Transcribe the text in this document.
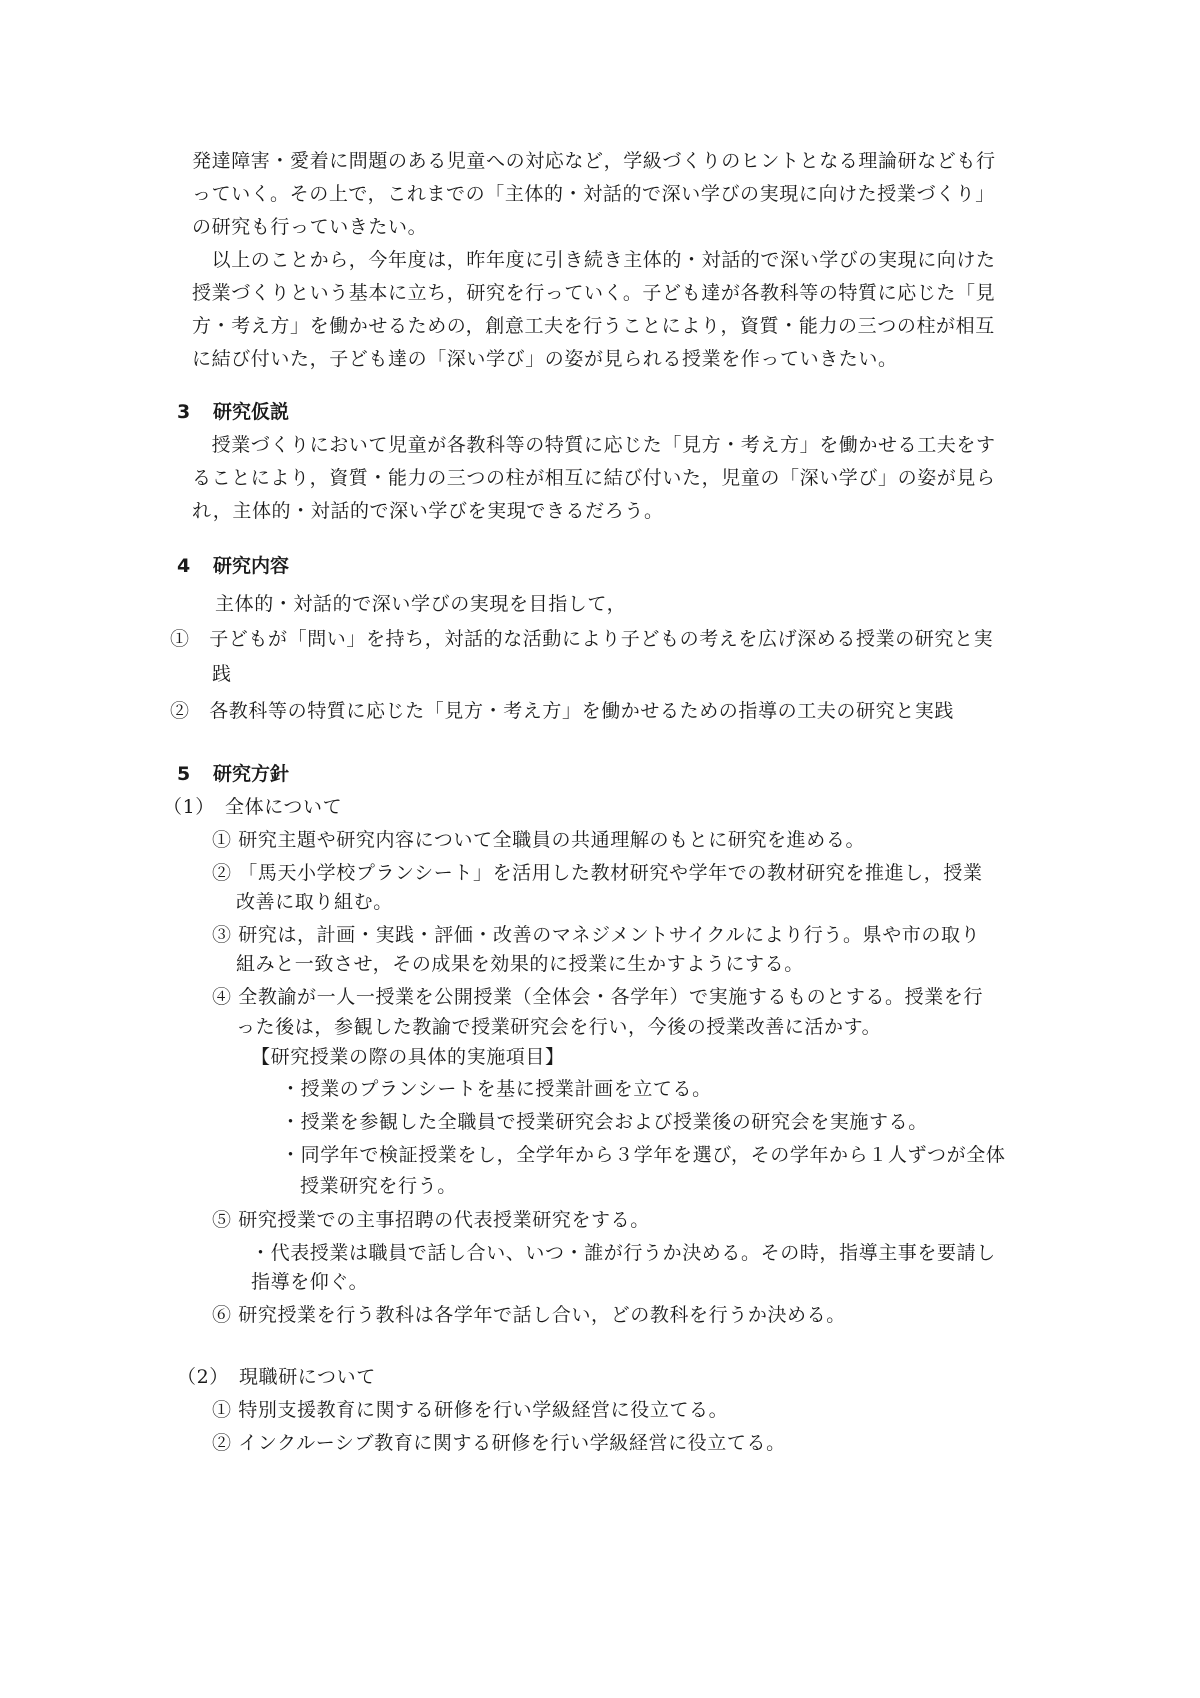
発達障害・愛着に問題のある児童への対応など，学級づくりのヒントとなる理論研なども行
っていく。その上で，これまでの「主体的・対話的で深い学びの実現に向けた授業づくり」
の研究も行っていきたい。
　以上のことから，今年度は，昨年度に引き続き主体的・対話的で深い学びの実現に向けた
授業づくりという基本に立ち，研究を行っていく。子ども達が各教科等の特質に応じた「見
方・考え方」を働かせるための，創意工夫を行うことにより，資質・能力の三つの柱が相互
に結び付いた，子ども達の「深い学び」の姿が見られる授業を作っていきたい。
3 研究仮説
　授業づくりにおいて児童が各教科等の特質に応じた「見方・考え方」を働かせる工夫をす
ることにより，資質・能力の三つの柱が相互に結び付いた，児童の「深い学び」の姿が見ら
れ，主体的・対話的で深い学びを実現できるだろう。
4 研究内容
主体的・対話的で深い学びの実現を目指して，
①　子どもが「問い」を持ち，対話的な活動により子どもの考えを広げ深める授業の研究と実
践
②　各教科等の特質に応じた「見方・考え方」を働かせるための指導の工夫の研究と実践
5 研究方針
（1）　全体について
① 研究主題や研究内容について全職員の共通理解のもとに研究を進める。
② 「馬天小学校プランシート」を活用した教材研究や学年での教材研究を推進し，授業
改善に取り組む。
③ 研究は，計画・実践・評価・改善のマネジメントサイクルにより行う。県や市の取り
組みと一致させ，その成果を効果的に授業に生かすようにする。
④ 全教諭が一人一授業を公開授業（全体会・各学年）で実施するものとする。授業を行
った後は，参観した教諭で授業研究会を行い，今後の授業改善に活かす。
【研究授業の際の具体的実施項目】
・授業のプランシートを基に授業計画を立てる。
・授業を参観した全職員で授業研究会および授業後の研究会を実施する。
・同学年で検証授業をし，全学年から３学年を選び，その学年から１人ずつが全体
授業研究を行う。
⑤ 研究授業での主事招聘の代表授業研究をする。
・代表授業は職員で話し合い、いつ・誰が行うか決める。その時，指導主事を要請し
指導を仰ぐ。
⑥ 研究授業を行う教科は各学年で話し合い，どの教科を行うか決める。
（2）　現職研について
① 特別支援教育に関する研修を行い学級経営に役立てる。
② インクルーシブ教育に関する研修を行い学級経営に役立てる。
